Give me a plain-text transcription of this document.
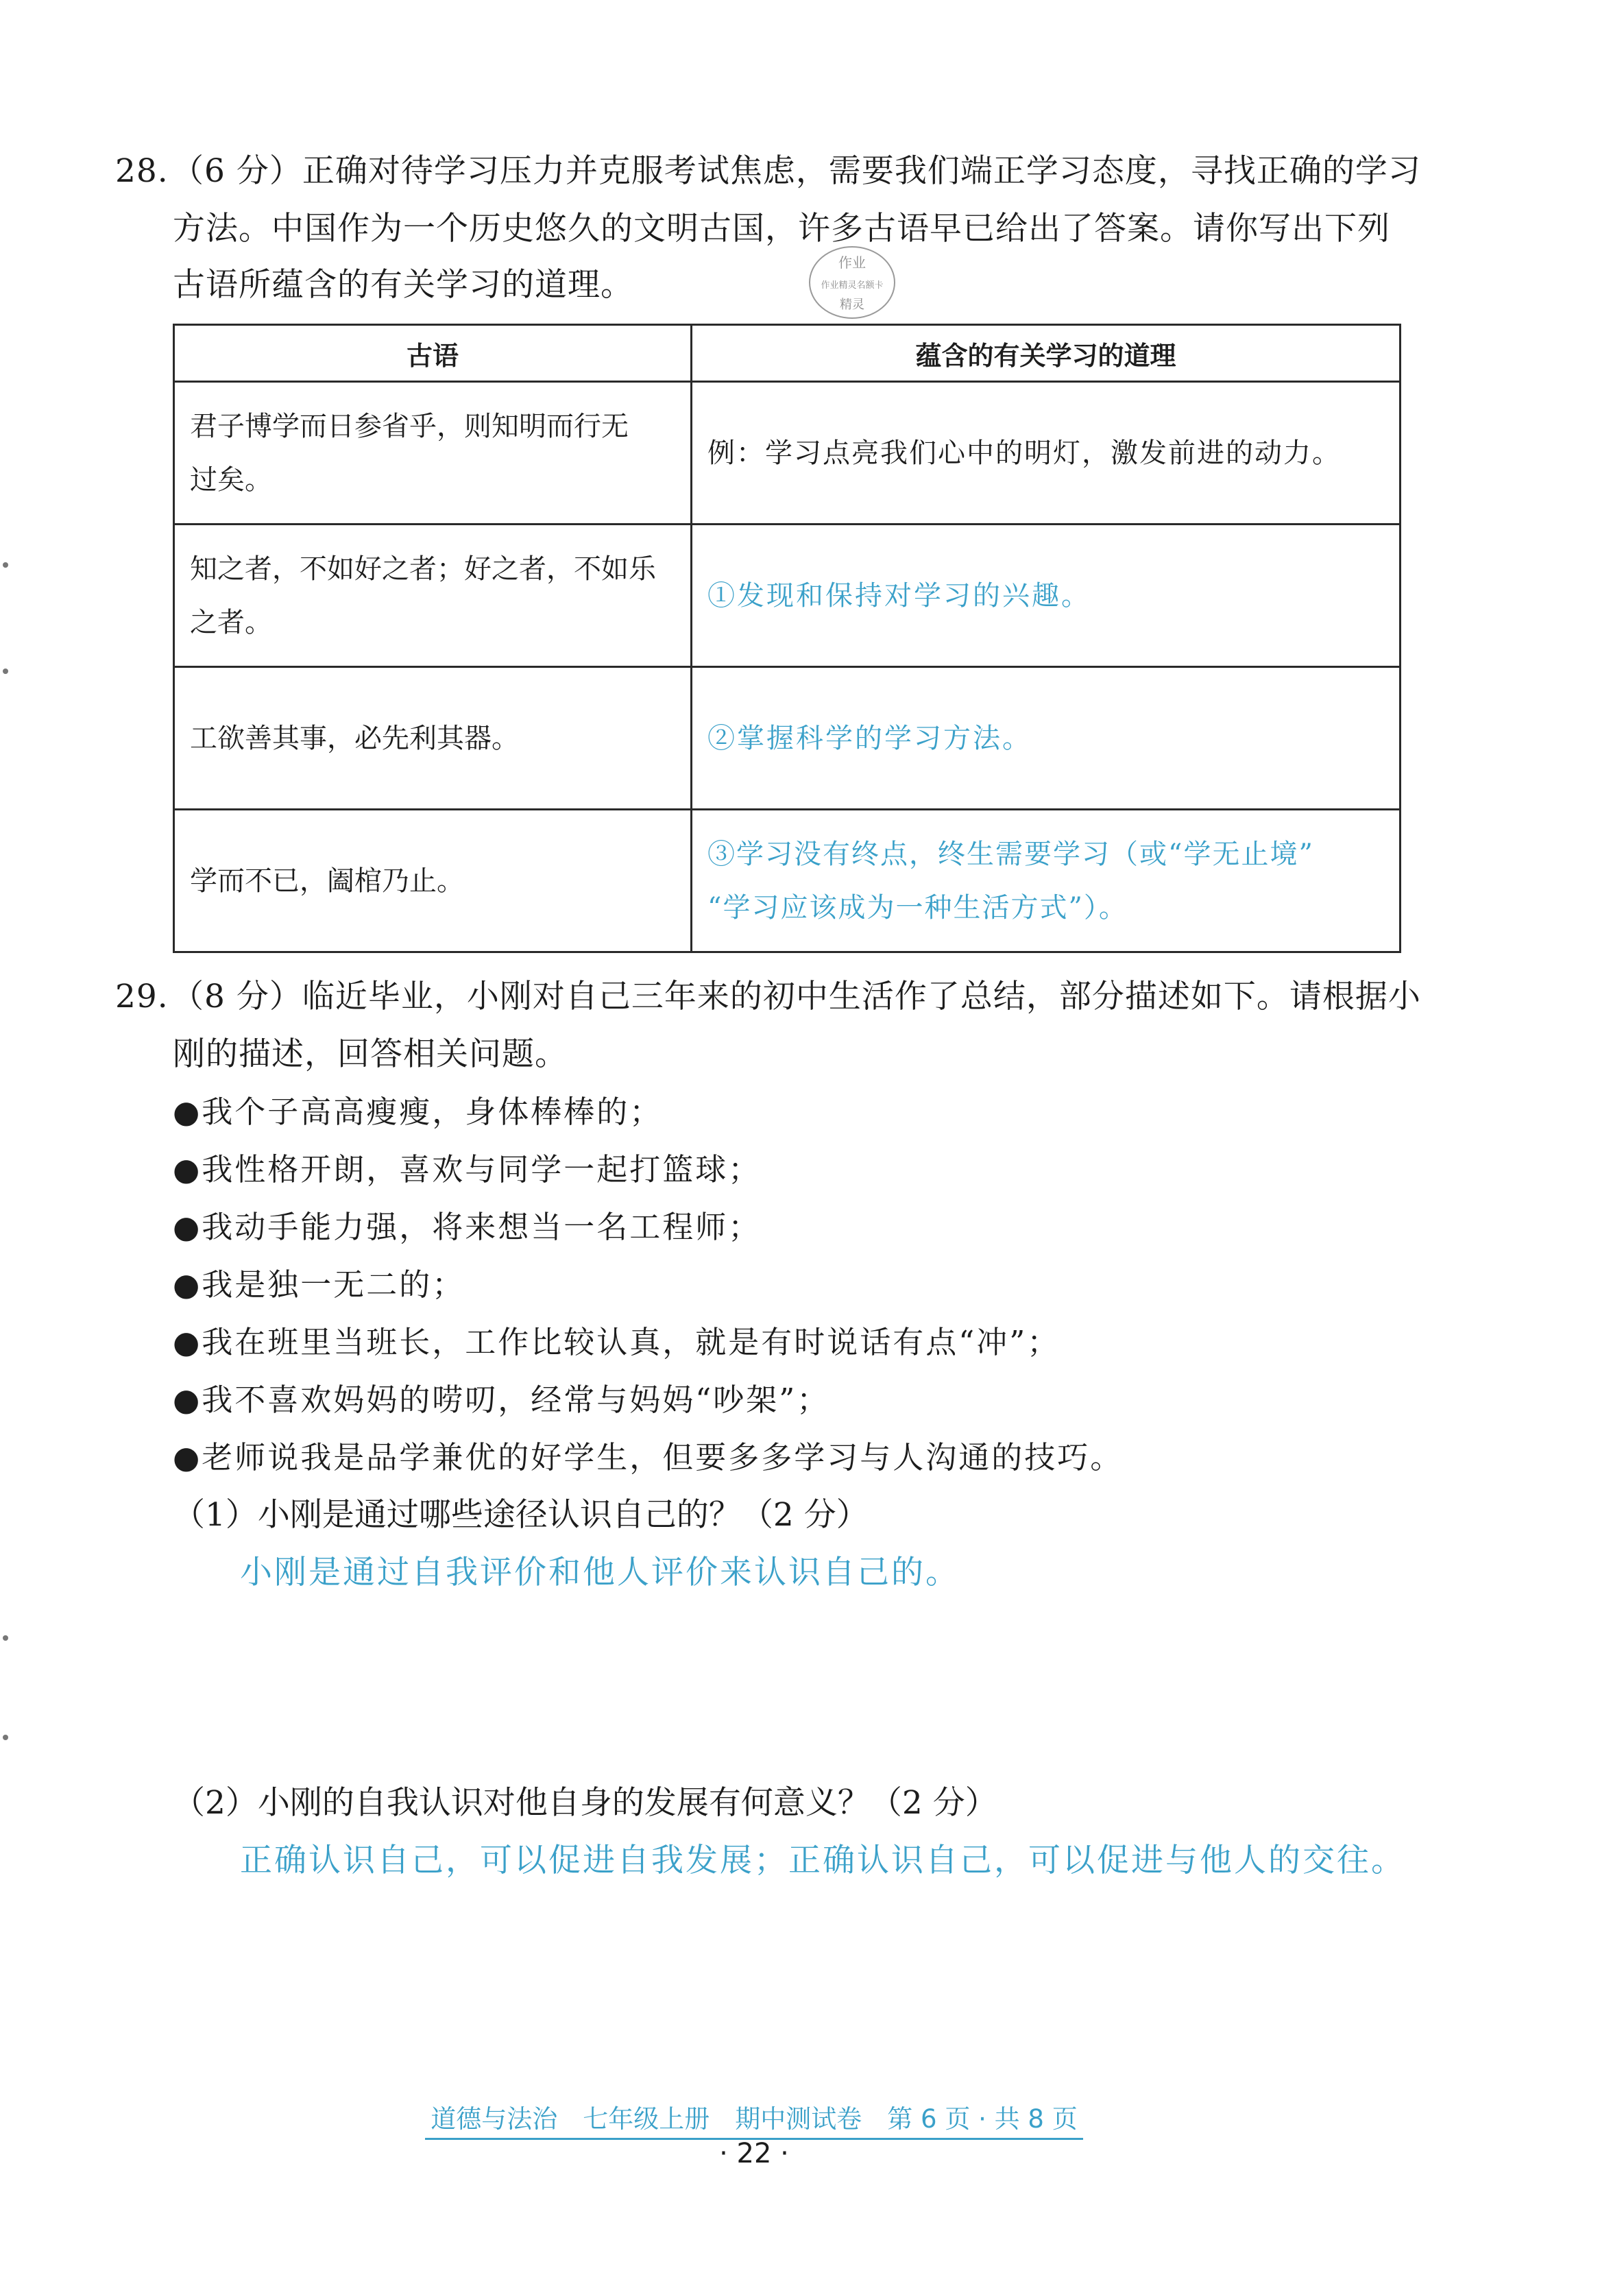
28.（6 分）正确对待学习压力并克服考试焦虑，需要我们端正学习态度，寻找正确的学习
方法。中国作为一个历史悠久的文明古国，许多古语早已给出了答案。请你写出下列
古语所蕴含的有关学习的道理。
作业
作业精灵名额卡
精灵
古语	蕴含的有关学习的道理
君子博学而日参省乎，则知明而行无
过矣。	例：学习点亮我们心中的明灯，激发前进的动力。
知之者，不如好之者；好之者，不如乐
之者。	①发现和保持对学习的兴趣。
工欲善其事，必先利其器。	②掌握科学的学习方法。
学而不已，阖棺乃止。	③学习没有终点，终生需要学习（或“学无止境”
“学习应该成为一种生活方式”）。
29.（8 分）临近毕业，小刚对自己三年来的初中生活作了总结，部分描述如下。请根据小
刚的描述，回答相关问题。
●我个子高高瘦瘦，身体棒棒的；
●我性格开朗，喜欢与同学一起打篮球；
●我动手能力强，将来想当一名工程师；
●我是独一无二的；
●我在班里当班长，工作比较认真，就是有时说话有点“冲”；
●我不喜欢妈妈的唠叨，经常与妈妈“吵架”；
●老师说我是品学兼优的好学生，但要多多学习与人沟通的技巧。
（1）小刚是通过哪些途径认识自己的？（2 分）
小刚是通过自我评价和他人评价来认识自己的。
（2）小刚的自我认识对他自身的发展有何意义？（2 分）
正确认识自己，可以促进自我发展；正确认识自己，可以促进与他人的交往。
道德与法治　七年级上册　期中测试卷　第 6 页 · 共 8 页
· 22 ·
